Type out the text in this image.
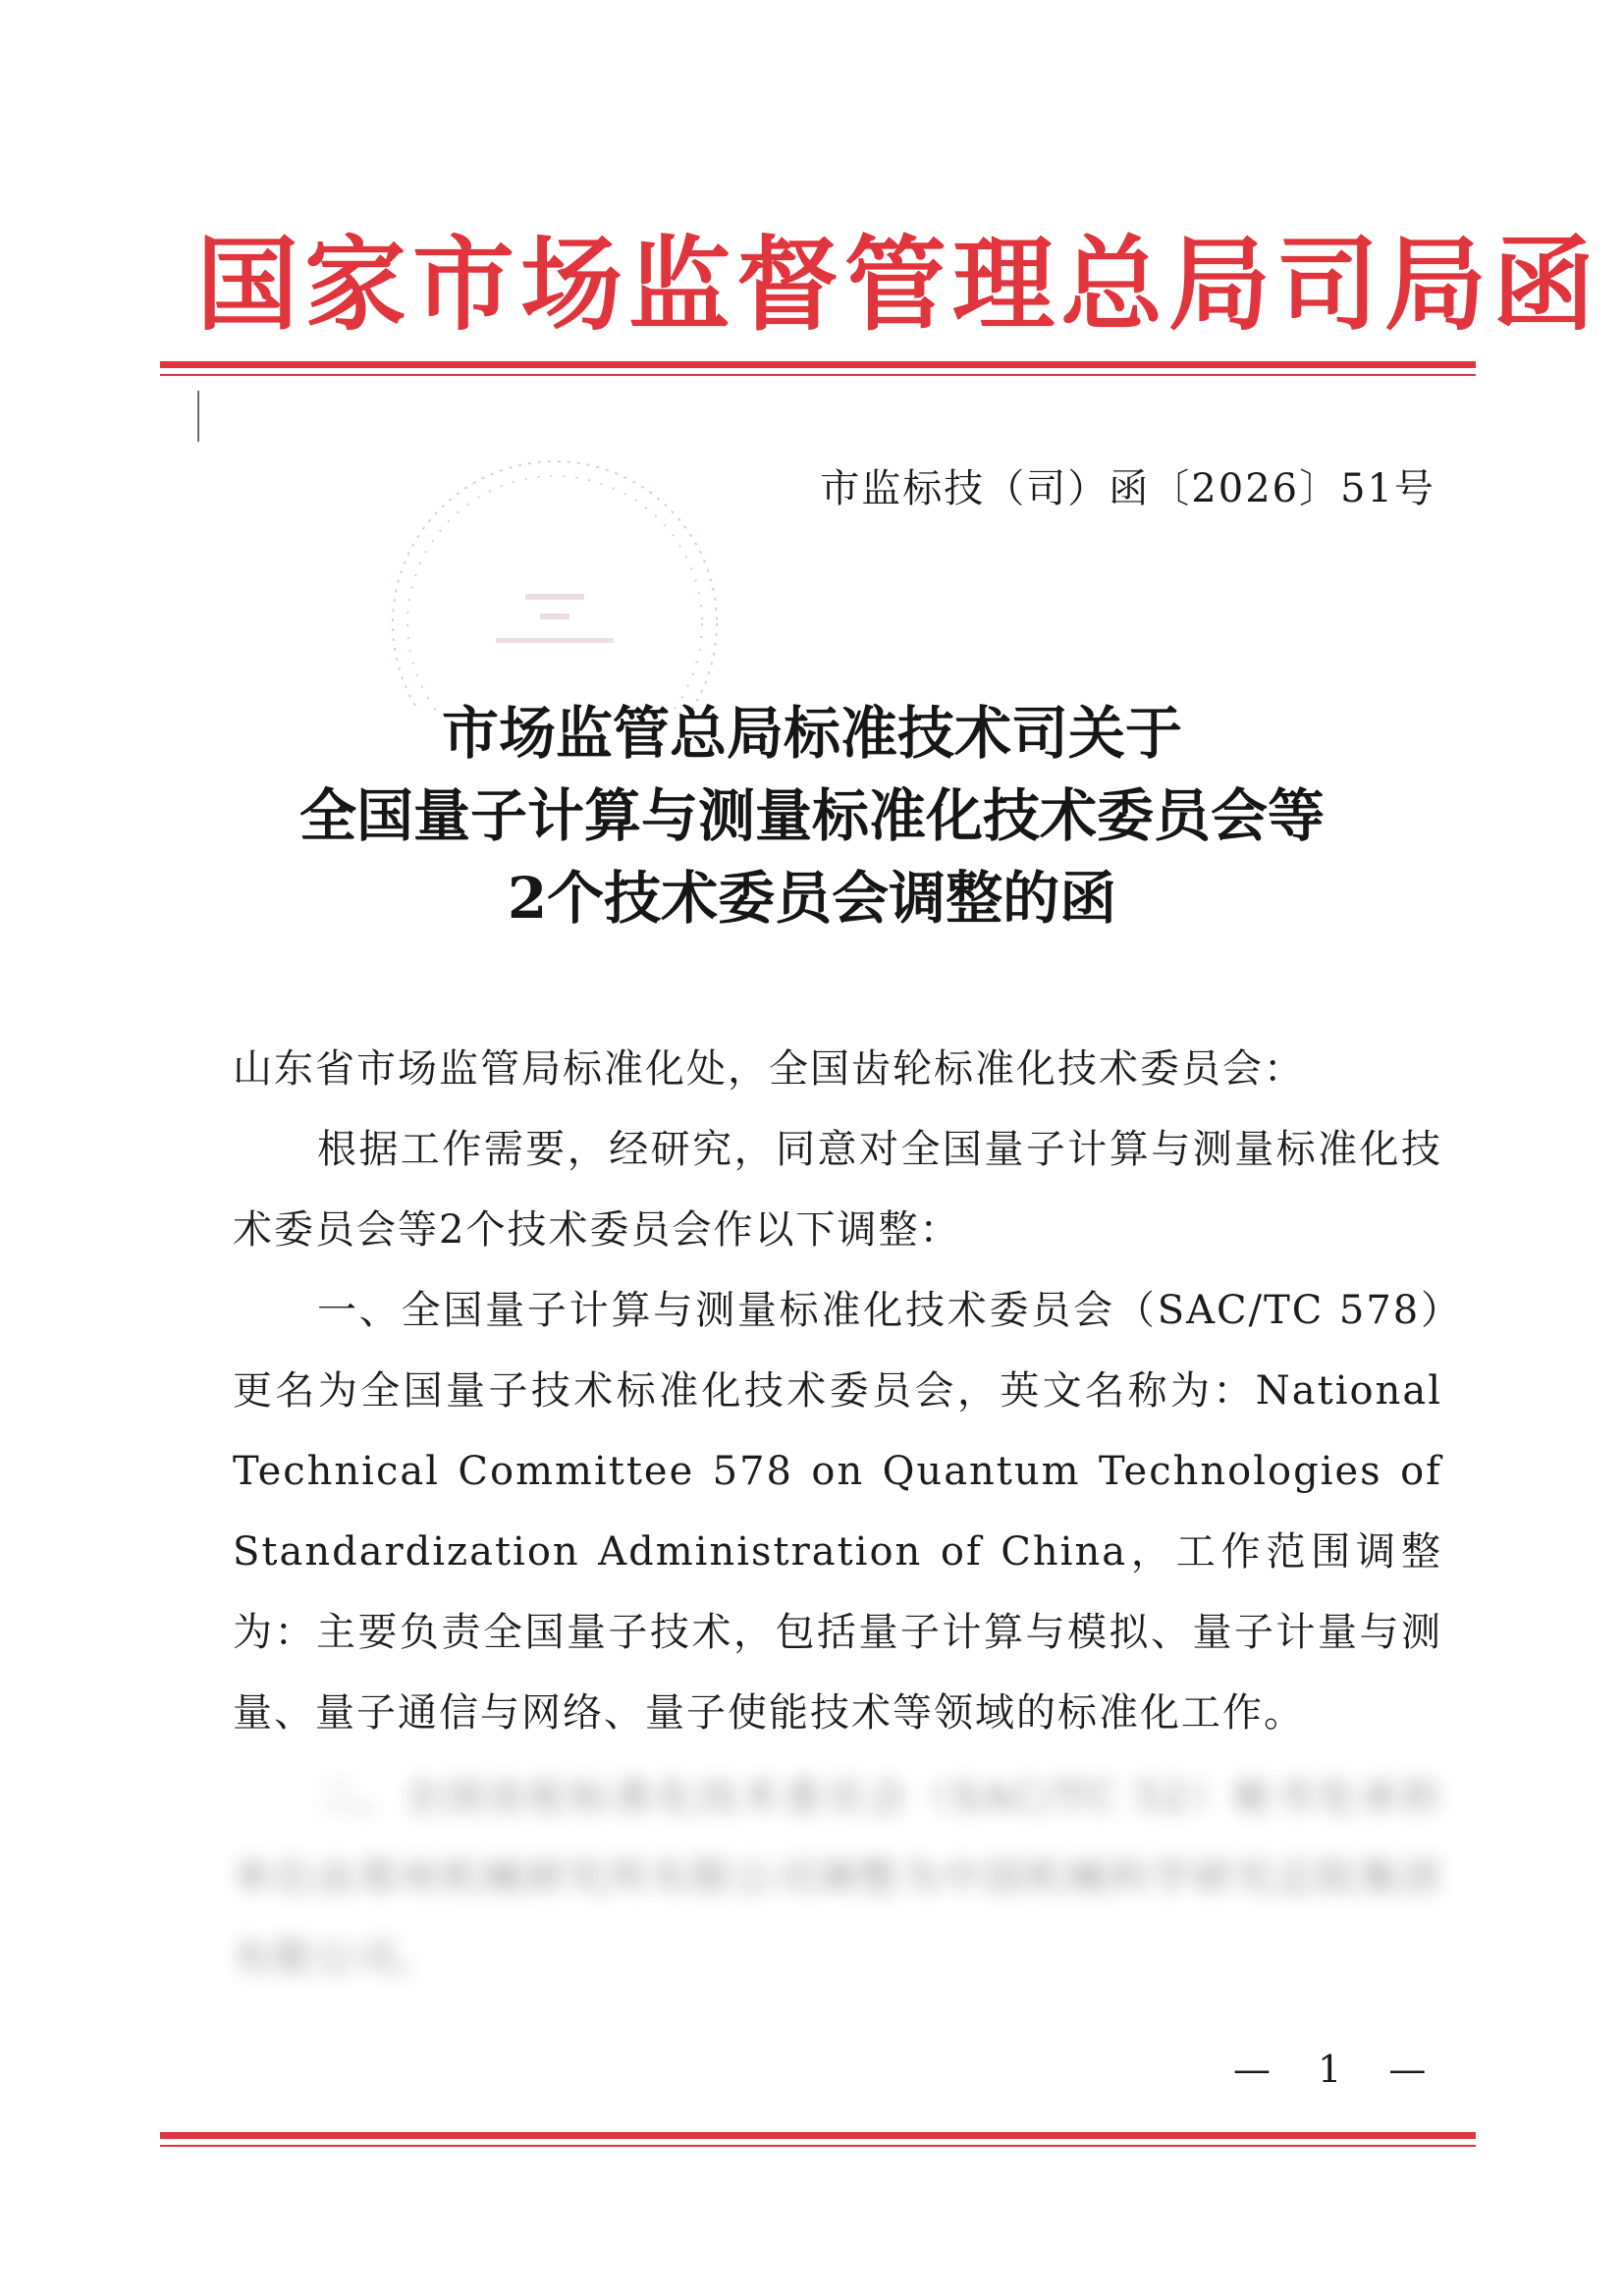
国家市场监督管理总局司局函
市监标技（司）函〔2026〕51号
市场监管总局标准技术司关于
全国量子计算与测量标准化技术委员会等
2个技术委员会调整的函

山东省市场监管局标准化处，全国齿轮标准化技术委员会：

根据工作需要，经研究，同意对全国量子计算与测量标准化技术委员会等2个技术委员会作以下调整：

一、全国量子计算与测量标准化技术委员会（SAC/TC 578）更名为全国量子技术标准化技术委员会，英文名称为：National Technical Committee 578 on Quantum Technologies of Standardization Administration of China，工作范围调整为：主要负责全国量子技术，包括量子计算与模拟、量子计量与测量、量子通信与网络、量子使能技术等领域的标准化工作。

二、全国齿轮标准化技术委员会（SAC/TC 52）秘书处承担单位由郑州机械研究所有限公司调整为中国机械科学研究总院集团有限公司。

— 1 —
